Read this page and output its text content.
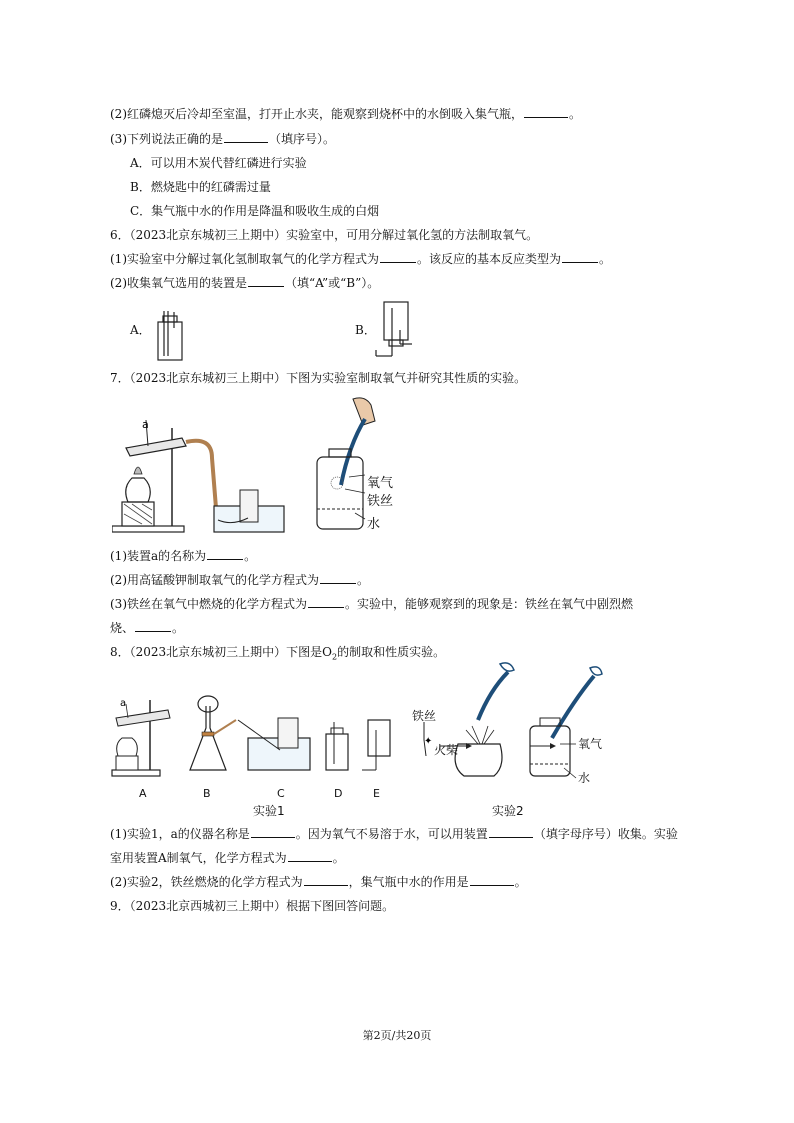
(2)红磷熄灭后冷却至室温，打开止水夹，能观察到烧杯中的水倒吸入集气瓶，	。
(3)下列说法正确的是	（填序号）。
A．可以用木炭代替红磷进行实验
B．燃烧匙中的红磷需过量
C．集气瓶中水的作用是降温和吸收生成的白烟
6．（2023北京东城初三上期中）实验室中，可用分解过氧化氢的方法制取氧气。
(1)实验室中分解过氧化氢制取氧气的化学方程式为	。该反应的基本反应类型为	。
(2)收集氧气选用的装置是	（填“A”或“B”）。
A．	B．
7．（2023北京东城初三上期中）下图为实验室制取氧气并研究其性质的实验。
a
氧气
铁丝
水
(1)装置a的名称为	。
(2)用高锰酸钾制取氧气的化学方程式为	。
(3)铁丝在氧气中燃烧的化学方程式为	。实验中，能够观察到的现象是：铁丝在氧气中剧烈燃
烧、	。
8．（2023北京东城初三上期中）下图是$O_2$的制取和性质实验。
a
A	B	C	D	E
实验1
✦
铁丝
火柴	氧气
水
实验2
(1)实验1，a的仪器名称是	。因为氧气不易溶于水，可以用装置	（填字母序号）收集。实验
室用装置A制氧气，化学方程式为	。
(2)实验2，铁丝燃烧的化学方程式为	，集气瓶中水的作用是	。
9．（2023北京西城初三上期中）根据下图回答问题。
第2页/共20页
